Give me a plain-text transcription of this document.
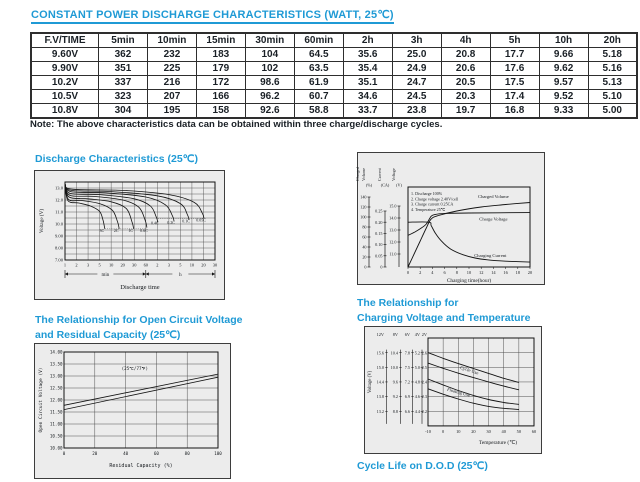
CONSTANT POWER DISCHARGE CHARACTERISTICS (WATT, 25℃)
F.V/TIME	5min	10min	15min	30min	60min	2h	3h	4h	5h	10h	20h
9.60V	362	232	183	104	64.5	35.6	25.0	20.8	17.7	9.66	5.18
9.90V	351	225	179	102	63.5	35.4	24.9	20.6	17.6	9.62	5.16
10.2V	337	216	172	98.6	61.9	35.1	24.7	20.5	17.5	9.57	5.13
10.5V	323	207	166	96.2	60.7	34.6	24.5	20.3	17.4	9.52	5.10
10.8V	304	195	158	92.6	58.8	33.7	23.8	19.7	16.8	9.33	5.00
Note: The above characteristics data can be obtained within three charge/discharge cycles.
Discharge Characteristics (25℃)
13.0
12.0
11.0
10.0
9.00
8.00
7.00
Voltage (V)
1 2 3 5 10 20 30 60 2 3 5 10 20 30
3C 2C 1C 0.6C
0.4C 0.2C 0.1C 0.05C
min	h
Discharge time
Charged Volume
(%)
0
20
40
60
80
100
120
140
Current
(CA)
0
0.05
0.10
0.15
0.20
0.25
Voltage
(V)
11.0
12.0
13.0
14.0
15.0
1. Discharge 100%
2. Charge voltage 2.40V/cell
3. Charge current 0.25CA
4. Temperature 25℃
0 2 4 6 8 10 12 14 16 18 20
Charging time(hour)
Charged Volume
Charge Voltage
Charging Current
The Relationship for Open Circuit Voltage
and Residual Capacity (25℃)
14.00
13.50
13.00
12.50
12.00
11.50
11.00
10.50
10.00
Open Circuit Voltage (V)
0	20	40	60	80	100
Residual Capacity (%)
(25℃/77℉)
The Relationship for
Charging Voltage and Temperature
12V
15.6
15.0
14.4
13.8
13.2
8V
10.4
10.0
9.6
9.2
8.8
6V
7.8
7.5
7.2
6.9
6.6
4V
5.2
5.0
4.8
4.6
4.4
2V
2.6
2.5
2.4
2.3
2.2
Voltage (V)
-10	0	10 20 30 40 50 60
Temperature (℃)
Cycle Use
Floating Use
Cycle Life on D.O.D (25℃)
